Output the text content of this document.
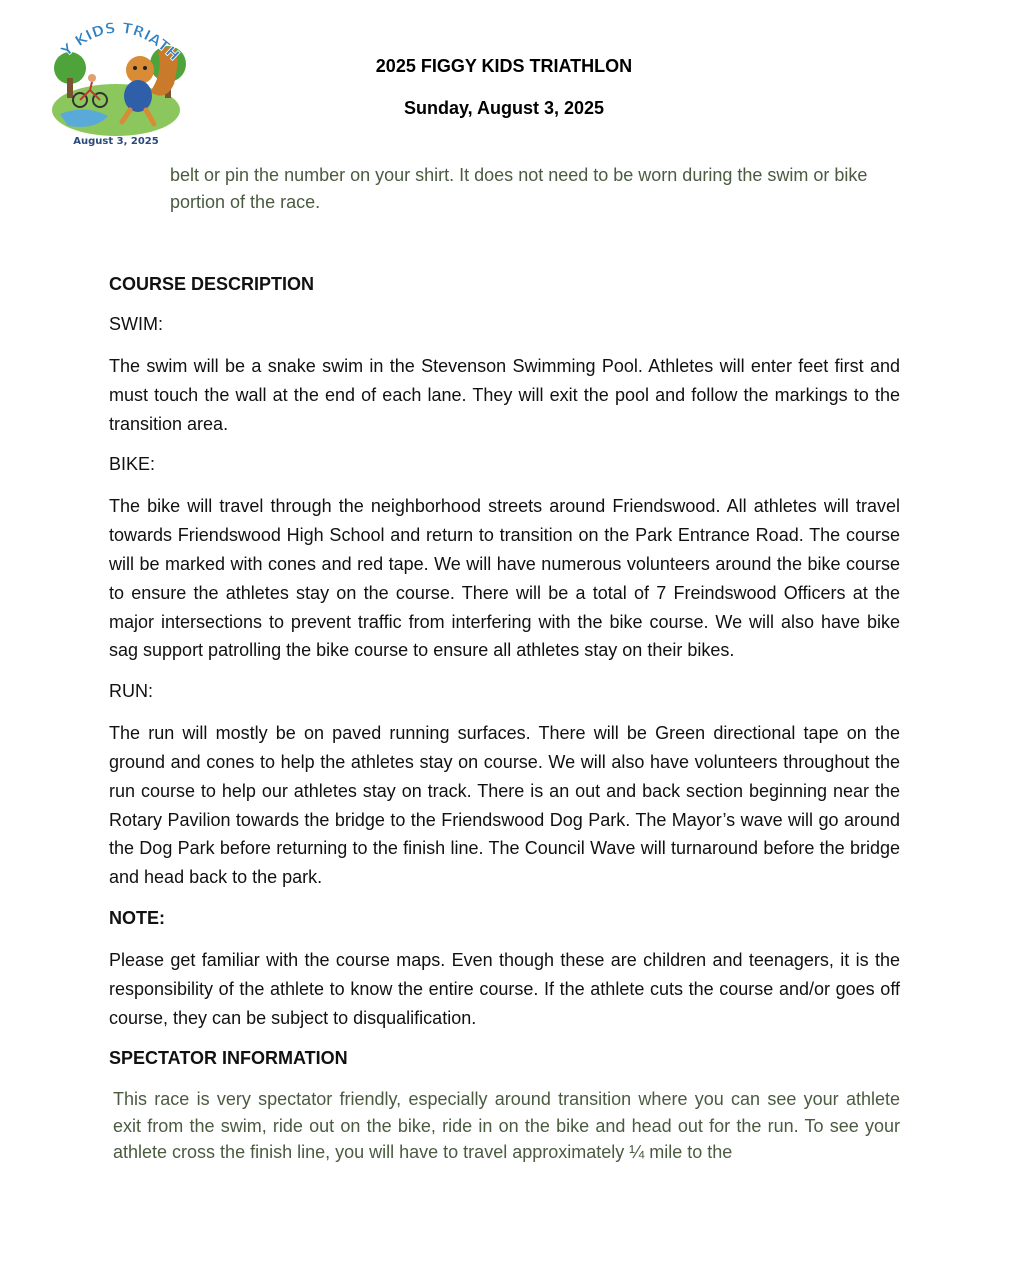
Y KIDS TRIATH
August 3, 2025
2025 FIGGY KIDS TRIATHLON
Sunday, August 3, 2025
belt or pin the number on your shirt. It does not need to be worn during the swim or bike portion of the race.
COURSE DESCRIPTION
SWIM:
The swim will be a snake swim in the Stevenson Swimming Pool. Athletes will enter feet first and must touch the wall at the end of each lane. They will exit the pool and follow the markings to the transition area.
BIKE:
The bike will travel through the neighborhood streets around Friendswood. All athletes will travel towards Friendswood High School and return to transition on the Park Entrance Road. The course will be marked with cones and red tape. We will have numerous volunteers around the bike course to ensure the athletes stay on the course. There will be a total of 7 Freindswood Officers at the major intersections to prevent traffic from interfering with the bike course. We will also have bike sag support patrolling the bike course to ensure all athletes stay on their bikes.
RUN:
The run will mostly be on paved running surfaces. There will be Green directional tape on the ground and cones to help the athletes stay on course. We will also have volunteers throughout the run course to help our athletes stay on track. There is an out and back section beginning near the Rotary Pavilion towards the bridge to the Friendswood Dog Park. The Mayor’s wave will go around the Dog Park before returning to the finish line. The Council Wave will turnaround before the bridge and head back to the park.
NOTE:
Please get familiar with the course maps. Even though these are children and teenagers, it is the responsibility of the athlete to know the entire course. If the athlete cuts the course and/or goes off course, they can be subject to disqualification.
SPECTATOR INFORMATION
This race is very spectator friendly, especially around transition where you can see your athlete exit from the swim, ride out on the bike, ride in on the bike and head out for the run. To see your athlete cross the finish line, you will have to travel approximately ¼ mile to the
